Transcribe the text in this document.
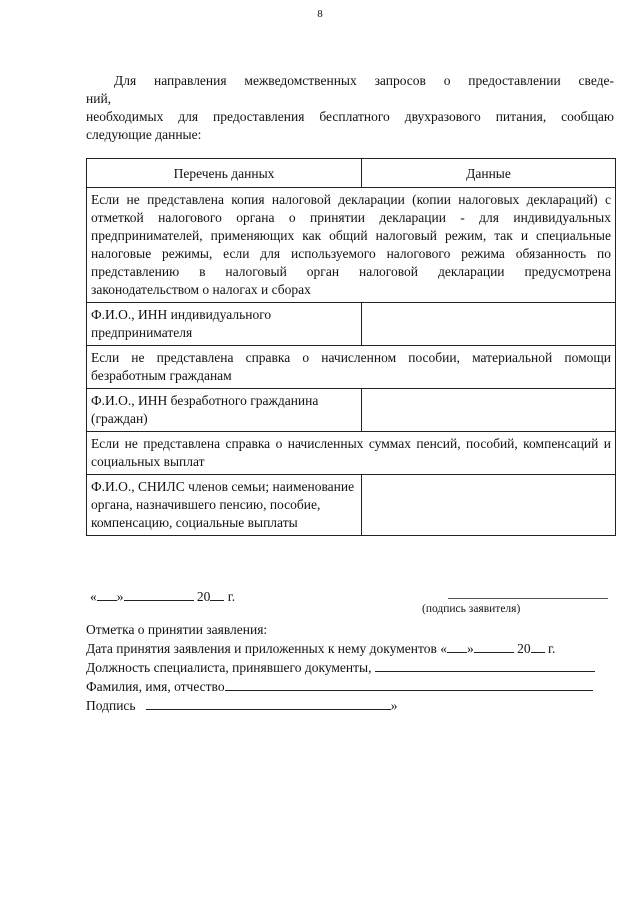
8
Для направления межведомственных запросов о предоставлении сведе-
ний,
необходимых для предоставления бесплатного двухразового питания, сообщаю
следующие данные:
Перечень данных	Данные
Если не представлена копия налоговой декларации (копии налоговых деклараций) с отметкой налогового органа о принятии декларации - для индивидуальных предпринимателей, применяющих как общий налоговый режим, так и специальные налоговые режимы, если для используемого налогового режима обязанность по представлению в налоговый орган налоговой декларации предусмотрена законодательством о налогах и сборах	
Ф.И.О., ИНН индивидуального предпринимателя	
Если не представлена справка о начисленном пособии, материальной помощи безработным гражданам	
Ф.И.О., ИНН безработного гражданина (граждан)	
Если не представлена справка о начисленных суммах пенсий, пособий, компенсаций и социальных выплат	
Ф.И.О., СНИЛС членов семьи; наименование органа, назначившего пенсию, пособие, компенсацию, социальные выплаты	
« »	20 г.
(подпись заявителя)
Отметка о принятии заявления:
Дата принятия заявления и приложенных к нему документов « »
	20
г.
Должность специалиста, принявшего документы,

Фамилия, имя, отчество
Подпись
	»
